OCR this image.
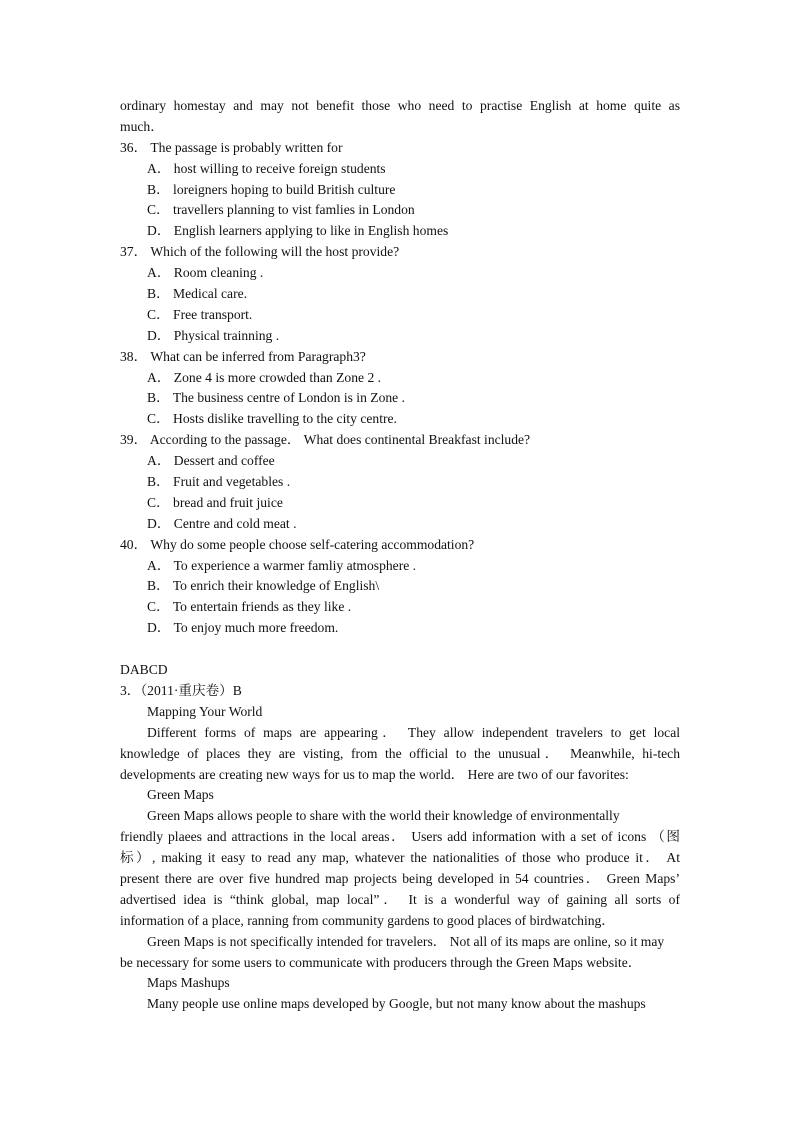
ordinary homestay and may not benefit those who need to practise English at home quite as
much．
36． The passage is probably written for
A． host willing to receive foreign students
B． loreigners hoping to build British culture
C． travellers planning to vist famlies in London
D． English learners applying to like in English homes
37． Which of the following will the host provide?
A． Room cleaning .
B． Medical care.
C． Free transport.
D． Physical trainning .
38． What can be inferred from Paragraph3?
A． Zone 4 is more crowded than Zone 2 .
B． The business centre of London is in Zone .
C． Hosts dislike travelling to the city centre.
39． According to the passage． What does continental Breakfast include?
A． Dessert and coffee
B． Fruit and vegetables .
C． bread and fruit juice
D． Centre and cold meat .
40． Why do some people choose self-catering accommodation?
A． To experience a warmer famliy atmosphere .
B． To enrich their knowledge of English\
C． To entertain friends as they like .
D． To enjoy much more freedom.
DABCD
3．（2011·重庆卷）B
Mapping Your World
Different forms of maps are appearing． They allow independent travelers to get local
knowledge of places they are visting, from the official to the unusual． Meanwhile, hi-tech
developments are creating new ways for us to map the world． Here are two of our favorites:
Green Maps
Green Maps allows people to share with the world their knowledge of environmentally
friendly plaees and attractions in the local areas． Users add information with a set of icons （图
标）, making it easy to read any map, whatever the nationalities of those who produce it． At
present there are over five hundred map projects being developed in 54 countries． Green Maps’
advertised idea is “think global, map local”． It is a wonderful way of gaining all sorts of
information of a place, ranning from community gardens to good places of birdwatching．
Green Maps is not specifically intended for travelers． Not all of its maps are online, so it may
be necessary for some users to communicate with producers through the Green Maps website．
Maps Mashups
Many people use online maps developed by Google, but not many know about the mashups
